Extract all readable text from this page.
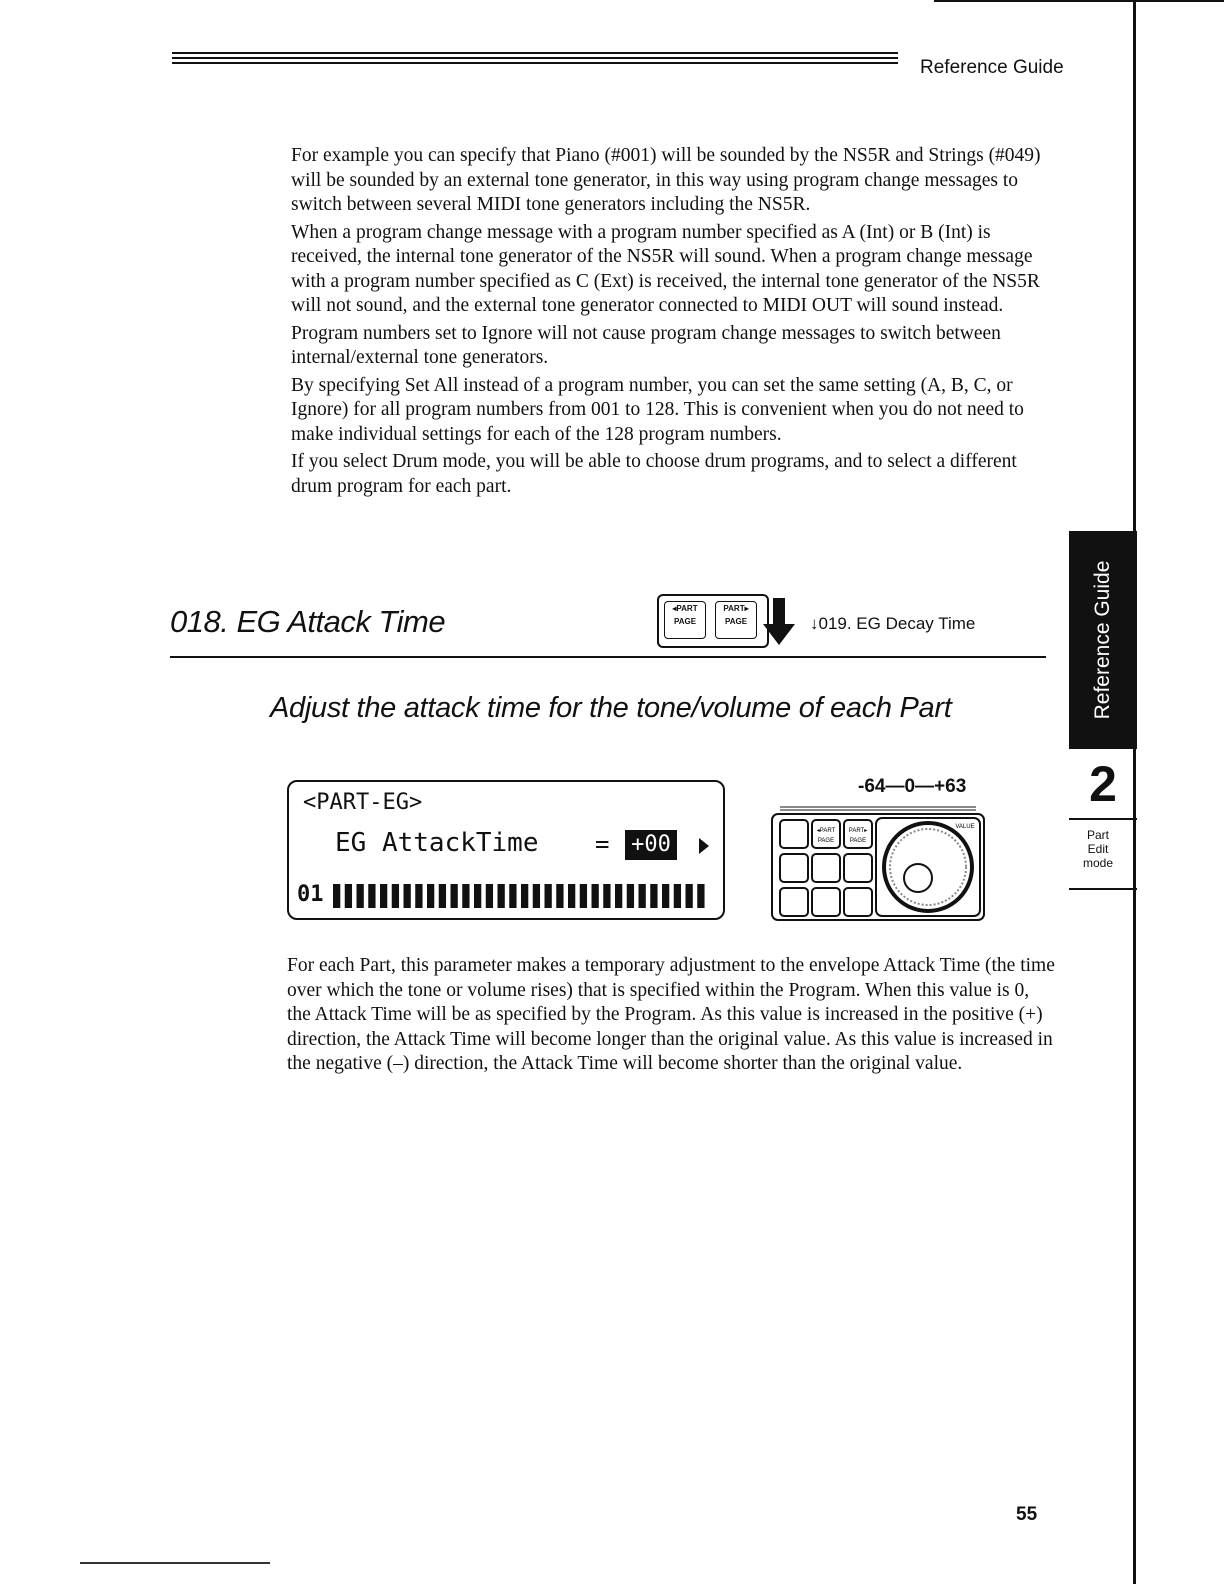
Reference Guide

For example you can specify that Piano (#001) will be sounded by the NS5R and Strings (#049) will be sounded by an external tone generator, in this way using program change messages to switch between several MIDI tone generators including the NS5R.

When a program change message with a program number specified as A (Int) or B (Int) is received, the internal tone generator of the NS5R will sound. When a program change message with a program number specified as C (Ext) is received, the internal tone generator of the NS5R will not sound, and the external tone generator connected to MIDI OUT will sound instead.

Program numbers set to Ignore will not cause program change messages to switch between internal/external tone generators.

By specifying Set All instead of a program number, you can set the same setting (A, B, C, or Ignore) for all program numbers from 001 to 128. This is convenient when you do not need to make individual settings for each of the 128 program numbers.

If you select Drum mode, you will be able to choose drum programs, and to select a different drum program for each part.

018. EG Attack Time	◂PART
PAGE
PART▸
PAGE	↓019. EG Decay Time
Adjust the attack time for the tone/volume of each Part
<PART-EG>
EG AttackTime = +00
01
-64—0—+63
◂PART
PAGE
PART▸
PAGE
VALUE
For each Part, this parameter makes a temporary adjustment to the envelope Attack Time (the time over which the tone or volume rises) that is specified within the Program. When this value is 0, the Attack Time will be as specified by the Program. As this value is increased in the positive (+) direction, the Attack Time will become longer than the original value. As this value is increased in the negative (–) direction, the Attack Time will become shorter than the original value.
Reference Guide
2
Part
Edit
mode
55
